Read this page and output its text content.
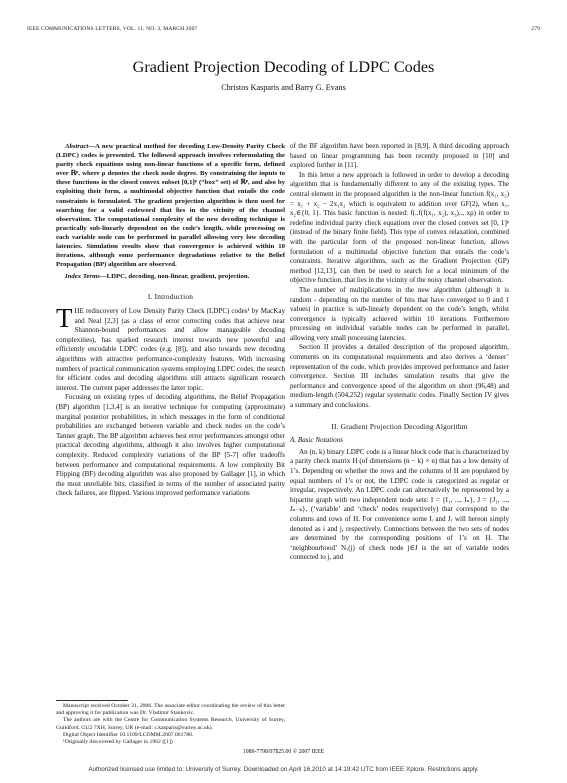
IEEE COMMUNICATIONS LETTERS, VOL. 11, NO. 3, MARCH 2007	279
Gradient Projection Decoding of LDPC Codes
Christos Kasparis and Barry G. Evans

Abstract—A new practical method for decoding Low-Density Parity Check (LDPC) codes is presented. The followed approach involves reformulating the parity check equations using non-linear functions of a specific form, defined over ℝᵖ, where ρ denotes the check node degree. By constraining the inputs to these functions in the closed convex subset [0,1]ᵖ (“box” set) of ℝᵖ, and also by exploiting their form, a multimodal objective function that entails the code constraints is formulated. The gradient projection algorithm is then used for searching for a valid codeword that lies in the vicinity of the channel observation. The computational complexity of the new decoding technique is practically sub-linearly dependent on the code’s length, while processing on each variable node can be performed in parallel allowing very low decoding latencies. Simulation results show that convergence is achieved within 10 iterations, although some performance degradations relative to the Belief Propagation (BP) algorithm are observed.

Index Terms—LDPC, decoding, non-linear, gradient, projection.

I. Introduction

THE rediscovery of Low Density Parity Check (LDPC) codes¹ by MacKay and Neal [2,3] (as a class of error correcting codes that achieve near Shannon-bound performances and allow manageable decoding complexities), has sparked research interest towards new powerful and efficiently encodable LDPC codes (e.g. [8]), and also towards new decoding algorithms with attractive performance-complexity features. With increasing numbers of practical communication systems employing LDPC codes, the search for efficient codes and decoding algorithms still attracts significant research interest. The current paper addresses the latter topic.

Focusing on existing types of decoding algorithms, the Belief Propagation (BP) algorithm [1,3,4] is an iterative technique for computing (approximate) marginal posterior probabilities, in which messages in the form of conditional probabilities are exchanged between variable and check nodes on the code’s Tanner graph. The BP algorithm achieves best error performances amongst other practical decoding algorithms, although it also involves higher computational complexity. Reduced complexity variations of the BP [5-7] offer tradeoffs between performance and computational requirements. A low complexity Bit Flipping (BF) decoding algorithm was also proposed by Gallager [1], in which the most unreliable bits, classified in terms of the number of associated parity check failures, are flipped. Various improved performance variations

of the BF algorithm have been reported in [8,9]. A third decoding approach based on linear programming has been recently proposed in [10] and explored further in [11].

In this letter a new approach is followed in order to develop a decoding algorithm that is fundamentally different to any of the existing types. The central element in the proposed algorithm is the non-linear function f(x₁, x₂) = x₁ + x₂ − 2x₁x₂ which is equivalent to addition over GF(2), when x₁, x₂∈{0, 1}. This basic function is nested: f(..f(f(x₁, x₂), x₃).., xρ) in order to redefine individual parity check equations over the closed convex set [0, 1]ᵖ (instead of the binary finite field). This type of convex relaxation, combined with the particular form of the proposed non-linear function, allows formulation of a multimodal objective function that entails the code’s constraints. Iterative algorithms, such as the Gradient Projection (GP) method [12,13], can then be used to search for a local minimum of the objective function, that lies in the vicinity of the noisy channel observation.

The number of multiplications in the new algorithm (although it is random - depending on the number of bits that have converged to 0 and 1 values) in practice is sub-linearly dependent on the code’s length, whilst convergence is typically achieved within 10 iterations. Furthermore processing on individual variable nodes can be performed in parallel, allowing very small processing latencies.

Section II provides a detailed description of the proposed algorithm, comments on its computational requirements and also derives a ‘denser’ representation of the code, which provides improved performance and faster convergence. Section III includes simulation results that give the performance and convergence speed of the algorithm on short (96,48) and medium-length (504,252) regular systematic codes. Finally Section IV gives a summary and conclusions.

II. Gradient Projection Decoding Algorithm
A. Basic Notations

An (n, k) binary LDPC code is a linear block code that is characterized by a parity check matrix H (of dimensions (n − k) × n) that has a low density of 1’s. Depending on whether the rows and the columns of H are populated by equal numbers of 1’s or not, the LDPC code is categorized as regular or irregular, respectively. An LDPC code can alternatively be represented by a bipartite graph with two independent node sets: I = {I₁, ..., Iₙ}, J = {J₁, ..., Jₙ₋ₖ}, (‘variable’ and ‘check’ nodes respectively) that correspond to the columns and rows of H. For convenience some Iᵢ and Jⱼ will hereon simply denoted as i and j, respectively. Connections between the two sets of nodes are determined by the corresponding positions of 1’s on H. The ‘neighbourhood’ Nᵥ(j) of check node j∈J is the set of variable nodes connected to j, and

Manuscript received October 31, 2006. The associate editor coordinating the review of this letter and approving it for publication was Dr. Vladimir Stankovic.

The authors are with the Centre for Communication Systems Research, University of Surrey, Guildford, GU2 7XH, Surrey, UK (e-mail: c.kasparis@surrey.ac.uk).

Digital Object Identifier 10.1109/LCOMM.2007.061780.

¹Originally discovered by Gallager in 1962 ([1])

1089-7798/07$25.00 © 2007 IEEE
Authorized licensed use limited to: University of Surrey. Downloaded on April 16,2010 at 14:19:42 UTC from IEEE Xplore. Restrictions apply.
